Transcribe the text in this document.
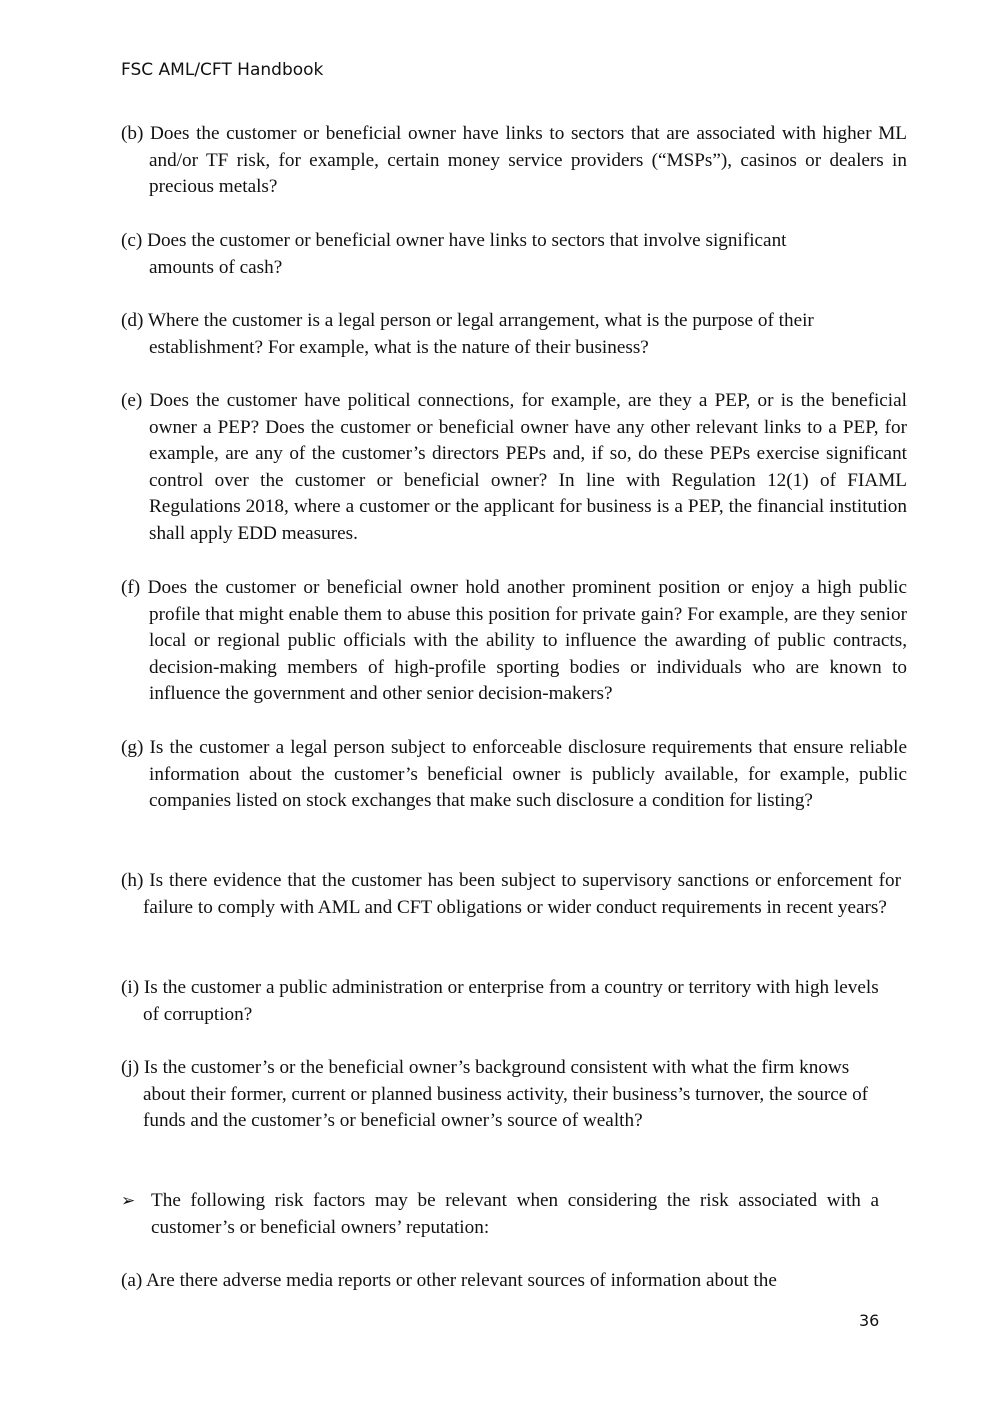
FSC AML/CFT Handbook

(b) Does the customer or beneficial owner have links to sectors that are associated with higher ML and/or TF risk, for example, certain money service providers (“MSPs”), casinos or dealers in precious metals?

(c) Does the customer or beneficial owner have links to sectors that involve significant amounts of cash?

(d) Where the customer is a legal person or legal arrangement, what is the purpose of their establishment? For example, what is the nature of their business?

(e) Does the customer have political connections, for example, are they a PEP, or is the beneficial owner a PEP? Does the customer or beneficial owner have any other relevant links to a PEP, for example, are any of the customer’s directors PEPs and, if so, do these PEPs exercise significant control over the customer or beneficial owner? In line with Regulation 12(1) of FIAML Regulations 2018, where a customer or the applicant for business is a PEP, the financial institution shall apply EDD measures.

(f) Does the customer or beneficial owner hold another prominent position or enjoy a high public profile that might enable them to abuse this position for private gain? For example, are they senior local or regional public officials with the ability to influence the awarding of public contracts, decision-making members of high-profile sporting bodies or individuals who are known to influence the government and other senior decision-makers?

(g) Is the customer a legal person subject to enforceable disclosure requirements that ensure reliable information about the customer’s beneficial owner is publicly available, for example, public companies listed on stock exchanges that make such disclosure a condition for listing?

(h) Is there evidence that the customer has been subject to supervisory sanctions or enforcement for failure to comply with AML and CFT obligations or wider conduct requirements in recent years?

(i) Is the customer a public administration or enterprise from a country or territory with high levels of corruption?

(j) Is the customer’s or the beneficial owner’s background consistent with what the firm knows about their former, current or planned business activity, their business’s turnover, the source of funds and the customer’s or beneficial owner’s source of wealth?

➢ The following risk factors may be relevant when considering the risk associated with a customer’s or beneficial owners’ reputation:

(a) Are there adverse media reports or other relevant sources of information about the

36
